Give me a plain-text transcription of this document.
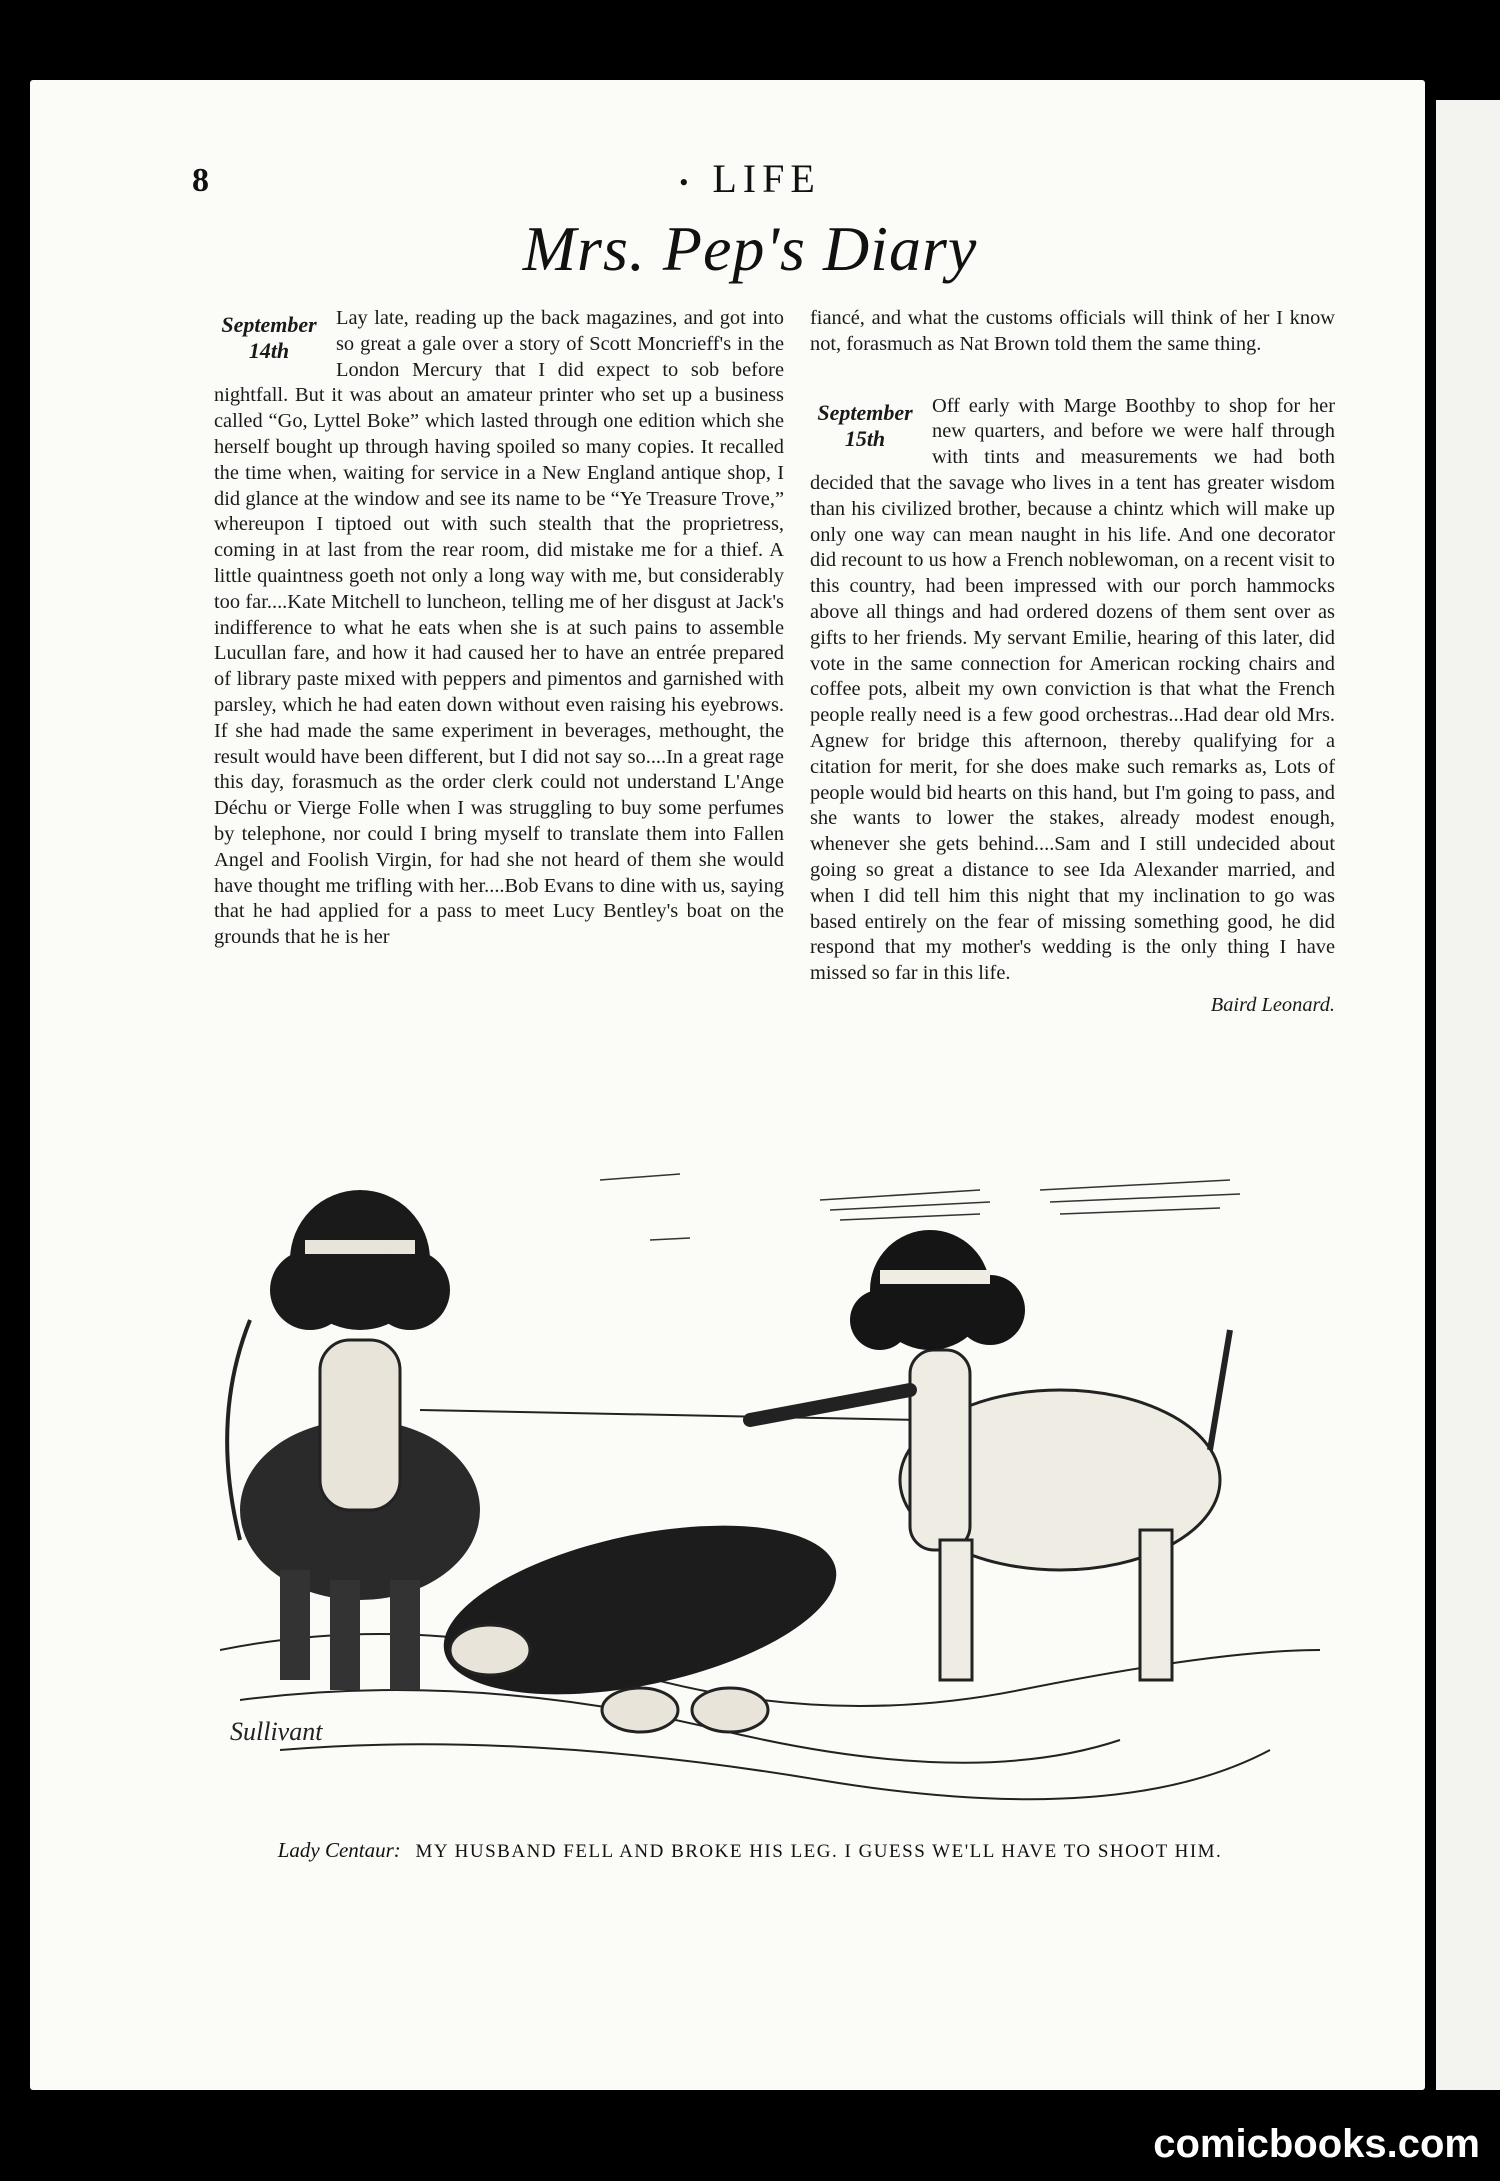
8	• LIFE
Mrs. Pep's Diary
September
14th

Lay late, reading up the back magazines, and got into so great a gale over a story of Scott Moncrieff's in the London Mercury that I did expect to sob before nightfall. But it was about an amateur printer who set up a business called “Go, Lyttel Boke” which lasted through one edition which she herself bought up through having spoiled so many copies. It recalled the time when, waiting for service in a New England antique shop, I did glance at the window and see its name to be “Ye Treasure Trove,” whereupon I tiptoed out with such stealth that the proprietress, coming in at last from the rear room, did mistake me for a thief. A little quaintness goeth not only a long way with me, but considerably too far....Kate Mitchell to luncheon, telling me of her disgust at Jack's indifference to what he eats when she is at such pains to assemble Lucullan fare, and how it had caused her to have an entrée prepared of library paste mixed with peppers and pimentos and garnished with parsley, which he had eaten down without even raising his eyebrows. If she had made the same experiment in beverages, methought, the result would have been different, but I did not say so....In a great rage this day, forasmuch as the order clerk could not understand L'Ange Déchu or Vierge Folle when I was struggling to buy some perfumes by telephone, nor could I bring myself to translate them into Fallen Angel and Foolish Virgin, for had she not heard of them she would have thought me trifling with her....Bob Evans to dine with us, saying that he had applied for a pass to meet Lucy Bentley's boat on the grounds that he is her

fiancé, and what the customs officials will think of her I know not, forasmuch as Nat Brown told them the same thing.

September
15th

Off early with Marge Boothby to shop for her new quarters, and before we were half through with tints and measurements we had both decided that the savage who lives in a tent has greater wisdom than his civilized brother, because a chintz which will make up only one way can mean naught in his life. And one decorator did recount to us how a French noblewoman, on a recent visit to this country, had been impressed with our porch hammocks above all things and had ordered dozens of them sent over as gifts to her friends. My servant Emilie, hearing of this later, did vote in the same connection for American rocking chairs and coffee pots, albeit my own conviction is that what the French people really need is a few good orchestras...Had dear old Mrs. Agnew for bridge this afternoon, thereby qualifying for a citation for merit, for she does make such remarks as, Lots of people would bid hearts on this hand, but I'm going to pass, and she wants to lower the stakes, already modest enough, whenever she gets behind....Sam and I still undecided about going so great a distance to see Ida Alexander married, and when I did tell him this night that my inclination to go was based entirely on the fear of missing something good, he did respond that my mother's wedding is the only thing I have missed so far in this life.

Baird Leonard.
Sullivant
Lady Centaur: MY HUSBAND FELL AND BROKE HIS LEG. I GUESS WE'LL HAVE TO SHOOT HIM.
comicbooks.com
